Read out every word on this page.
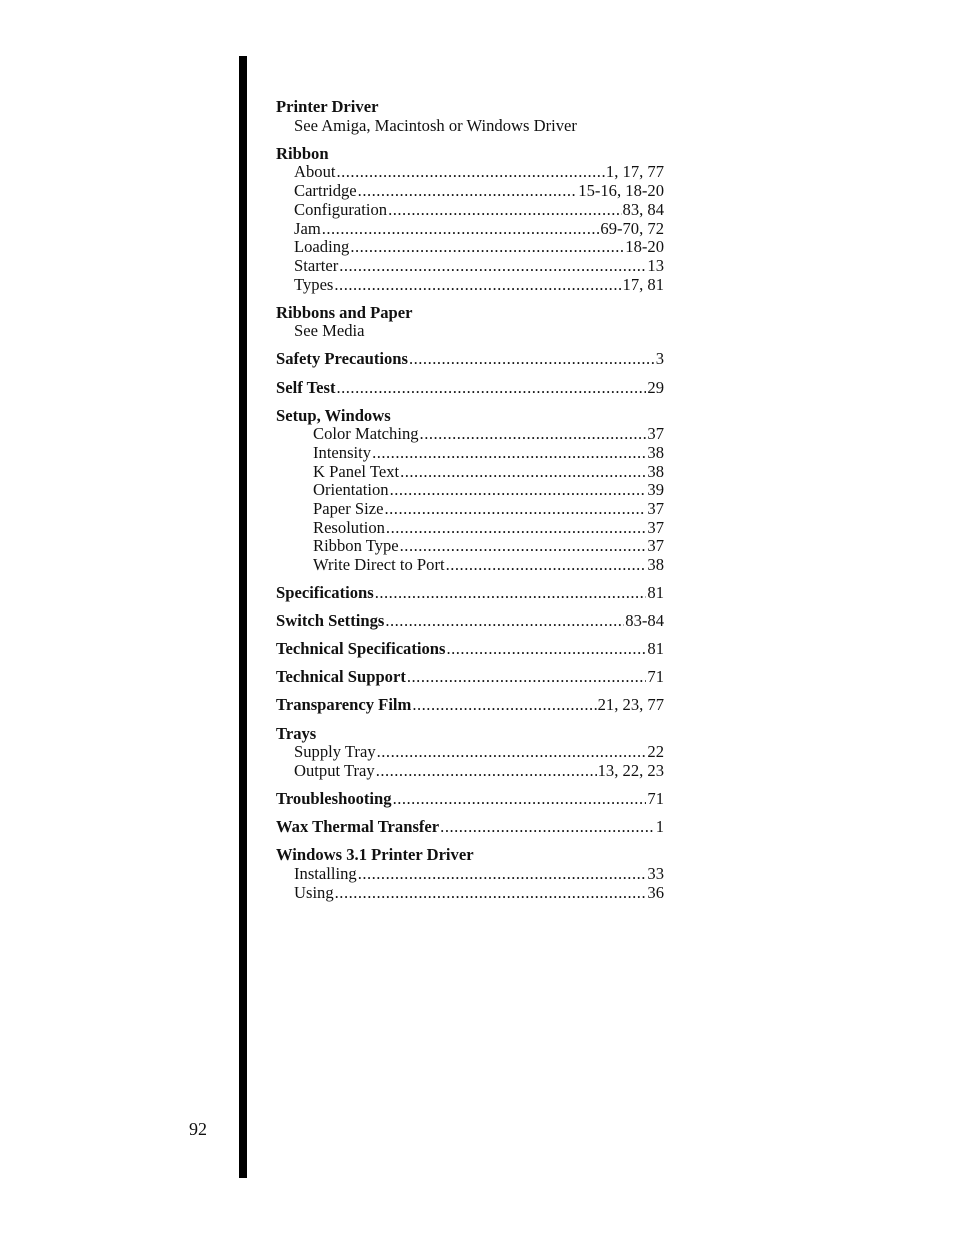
Printer Driver
See Amiga, Macintosh or Windows Driver
Ribbon
About .....	1, 17, 77
Cartridge .....	15-16, 18-20
Configuration .....	83, 84
Jam .....	69-70, 72
Loading .....	18-20
Starter .....	13
Types .....	17, 81
Ribbons and Paper
See Media
Safety Precautions .....	3
Self Test .....	29
Setup, Windows
Color Matching .....	37
Intensity .....	38
K Panel Text .....	38
Orientation .....	39
Paper Size .....	37
Resolution .....	37
Ribbon Type .....	37
Write Direct to Port .....	38
Specifications .....	81
Switch Settings .....	83-84
Technical Specifications .....	81
Technical Support .....	71
Transparency Film .....	21, 23, 77
Trays
Supply Tray .....	22
Output Tray .....	13, 22, 23
Troubleshooting .....	71
Wax Thermal Transfer .....	1
Windows 3.1 Printer Driver
Installing .....	33
Using .....	36
92
